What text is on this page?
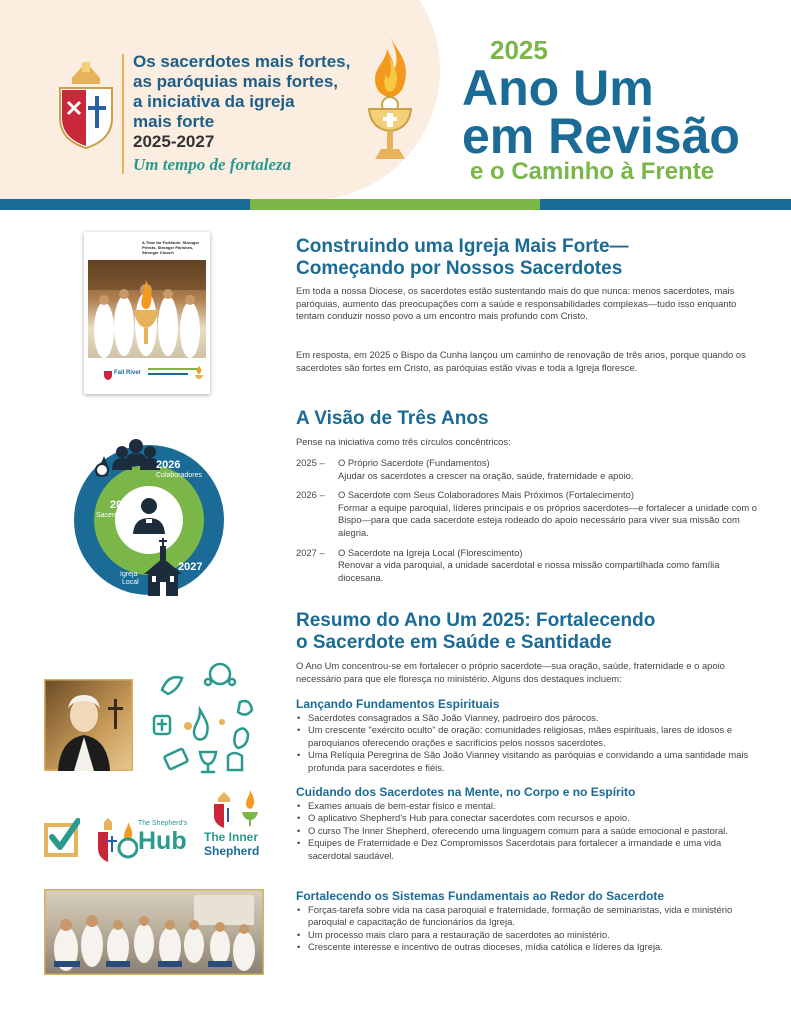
Os sacerdotes mais fortes,
as paróquias mais fortes,
a iniciativa da igreja
mais forte
2025-2027
Um tempo de fortaleza
2025
Ano Um
em Revisão
e o Caminho à Frente
A Time for Fortitude: Stronger Priests, Stronger Parishes, Stronger Church
Fall River
Construindo uma Igreja Mais Forte—
Começando por Nossos Sacerdotes
Em toda a nossa Diocese, os sacerdotes estão sustentando mais do que nunca: menos sacerdotes, mais paróquias, aumento das preocupações com a saúde e responsabilidades complexas—tudo isso enquanto tentam conduzir nosso povo a um encontro mais profundo com Cristo.
Em resposta, em 2025 o Bispo da Cunha lançou um caminho de renovação de três anos, porque quando os sacerdotes são fortes em Cristo, as paróquias estão vivas e toda a Igreja floresce.
A Visão de Três Anos
Pense na iniciativa como três círculos concêntricos:
2025 –	O Próprio Sacerdote (Fundamentos)
Ajudar os sacerdotes a crescer na oração, saúde, fraternidade e apoio.
2026 –	O Sacerdote com Seus Colaboradores Mais Próximos (Fortalecimento)
Formar a equipe paroquial, líderes principais e os próprios sacerdotes—e fortalecer a unidade com o Bispo—para que cada sacerdote esteja rodeado do apoio necessário para viver sua missão com alegria.
2027 –	O Sacerdote na Igreja Local (Florescimento)
Renovar a vida paroquial, a unidade sacerdotal e nossa missão compartilhada como família diocesana.
2026
Colaboradores
2025
Sacerdote
2027
Igreja
Local
Resumo do Ano Um 2025: Fortalecendo
o Sacerdote em Saúde e Santidade
O Ano Um concentrou-se em fortalecer o próprio sacerdote—sua oração, saúde, fraternidade e o apoio necessário para que ele floresça no ministério. Alguns dos destaques incluem:
Lançando Fundamentos Espirituais
• Sacerdotes consagrados a São João Vianney, padroeiro dos párocos.
• Um crescente "exército oculto" de oração: comunidades religiosas, mães espirituais, lares de idosos e paroquianos oferecendo orações e sacrifícios pelos nossos sacerdotes.
• Uma Relíquia Peregrina de São João Vianney visitando as paróquias e convidando a uma santidade mais profunda para sacerdotes e fiéis.
Cuidando dos Sacerdotes na Mente, no Corpo e no Espírito
• Exames anuais de bem-estar físico e mental.
• O aplicativo Shepherd's Hub para conectar sacerdotes com recursos e apoio.
• O curso The Inner Shepherd, oferecendo uma linguagem comum para a saúde emocional e pastoral.
• Equipes de Fraternidade e Dez Compromissos Sacerdotais para fortalecer a irmandade e uma vida sacerdotal saudável.
Fortalecendo os Sistemas Fundamentais ao Redor do Sacerdote
• Forças-tarefa sobre vida na casa paroquial e fraternidade, formação de seminaristas, vida e ministério paroquial e capacitação de funcionários da Igreja.
• Um processo mais claro para a restauração de sacerdotes ao ministério.
• Crescente interesse e incentivo de outras dioceses, mídia católica e líderes da Igreja.
The Shepherd's
Hub The Inner
Shepherd
